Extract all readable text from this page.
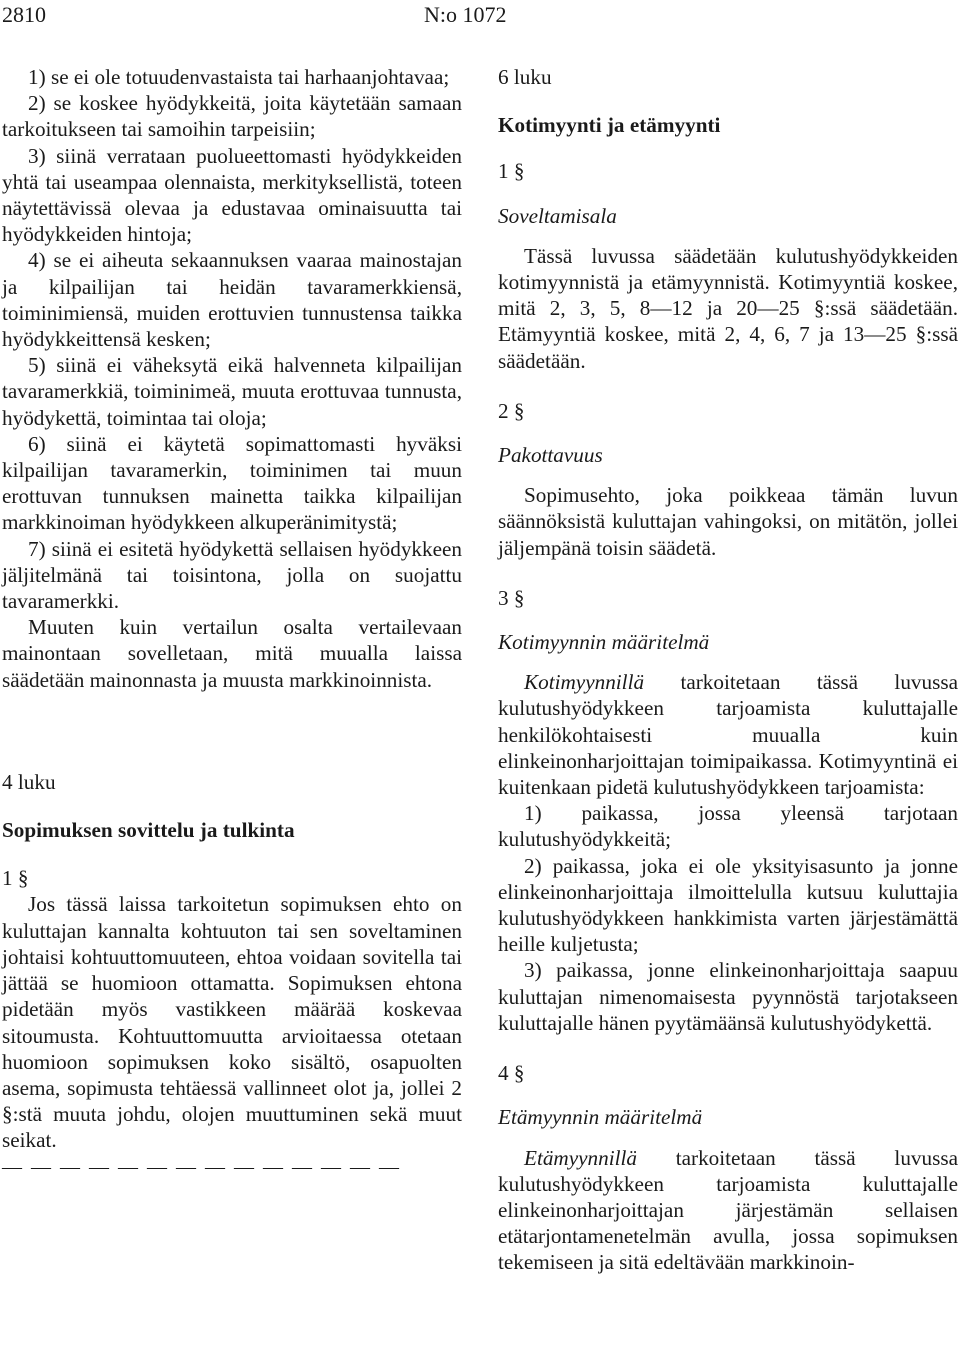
2810	N:o 1072

1) se ei ole totuudenvastaista tai harhaanjohtavaa;

2) se koskee hyödykkeitä, joita käytetään samaan tarkoitukseen tai samoihin tarpeisiin;

3) siinä verrataan puolueettomasti hyödykkeiden yhtä tai useampaa olennaista, merkityksellistä, toteen näytettävissä olevaa ja edustavaa ominaisuutta tai hyödykkeiden hintoja;

4) se ei aiheuta sekaannuksen vaaraa mainostajan ja kilpailijan tai heidän tavaramerkkiensä, toiminimiensä, muiden erottuvien tunnustensa taikka hyödykkeittensä kesken;

5) siinä ei väheksytä eikä halvenneta kilpailijan tavaramerkkiä, toiminimeä, muuta erottuvaa tunnusta, hyödykettä, toimintaa tai oloja;

6) siinä ei käytetä sopimattomasti hyväksi kilpailijan tavaramerkin, toiminimen tai muun erottuvan tunnuksen mainetta taikka kilpailijan markkinoiman hyödykkeen alkuperänimitystä;

7) siinä ei esitetä hyödykettä sellaisen hyödykkeen jäljitelmänä tai toisintona, jolla on suojattu tavaramerkki.

Muuten kuin vertailun osalta vertailevaan mainontaan sovelletaan, mitä muualla laissa säädetään mainonnasta ja muusta markkinoinnista.

4 luku

Sopimuksen sovittelu ja tulkinta

1 §

Jos tässä laissa tarkoitetun sopimuksen ehto on kuluttajan kannalta kohtuuton tai sen soveltaminen johtaisi kohtuuttomuuteen, ehtoa voidaan sovitella tai jättää se huomioon ottamatta. Sopimuksen ehtona pidetään myös vastikkeen määrää koskevaa sitoumusta. Kohtuuttomuutta arvioitaessa otetaan huomioon sopimuksen koko sisältö, osapuolten asema, sopimusta tehtäessä vallinneet olot ja, jollei 2 §:stä muuta johdu, olojen muuttuminen sekä muut seikat.

— — — — — — — — — — — — — —

6 luku

Kotimyynti ja etämyynti

1 §

Soveltamisala

Tässä luvussa säädetään kulutushyödykkeiden kotimyynnistä ja etämyynnistä. Kotimyyntiä koskee, mitä 2, 3, 5, 8—12 ja 20—25 §:ssä säädetään. Etämyyntiä koskee, mitä 2, 4, 6, 7 ja 13—25 §:ssä säädetään.

2 §

Pakottavuus

Sopimusehto, joka poikkeaa tämän luvun säännöksistä kuluttajan vahingoksi, on mitätön, jollei jäljempänä toisin säädetä.

3 §

Kotimyynnin määritelmä

Kotimyynnillä tarkoitetaan tässä luvussa kulutushyödykkeen tarjoamista kuluttajalle henkilökohtaisesti muualla kuin elinkeinonharjoittajan toimipaikassa. Kotimyyntinä ei kuitenkaan pidetä kulutushyödykkeen tarjoamista:

1) paikassa, jossa yleensä tarjotaan kulutushyödykkeitä;

2) paikassa, joka ei ole yksityisasunto ja jonne elinkeinonharjoittaja ilmoittelulla kutsuu kuluttajia kulutushyödykkeen hankkimista varten järjestämättä heille kuljetusta;

3) paikassa, jonne elinkeinonharjoittaja saapuu kuluttajan nimenomaisesta pyynnöstä tarjotakseen kuluttajalle hänen pyytämäänsä kulutushyödykettä.

4 §

Etämyynnin määritelmä

Etämyynnillä tarkoitetaan tässä luvussa kulutushyödykkeen tarjoamista kuluttajalle elinkeinonharjoittajan järjestämän sellaisen etätarjontamenetelmän avulla, jossa sopimuksen tekemiseen ja sitä edeltävään markkinoin-
